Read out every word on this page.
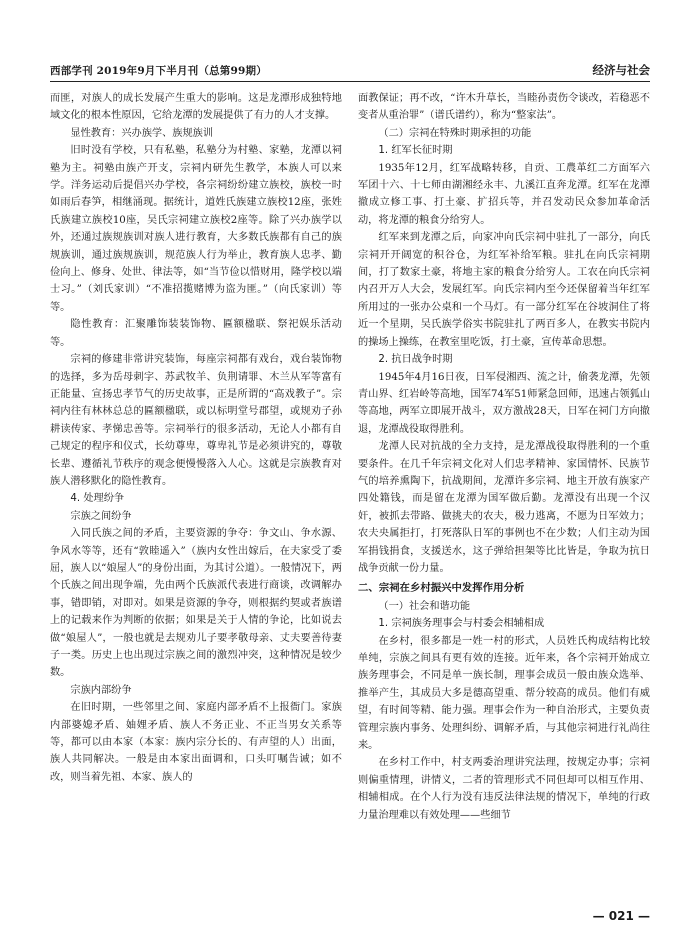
西部学刊 2019年9月下半月刊（总第99期）	经济与社会

而匪，对族人的成长发展产生重大的影响。这是龙潭形成独特地域文化的根本性原因，它给龙潭的发展提供了有力的人才支撑。

显性教育：兴办族学、族规族训

旧时没有学校，只有私塾，私塾分为村塾、家塾，龙潭以祠塾为主。祠塾由族产开支，宗祠内研先生教学，本族人可以来学。洋务运动后提倡兴办学校，各宗祠纷纷建立族校，族校一时如雨后春笋，相继涌现。据统计，道姓氏族建立族校12座，张姓氏族建立族校10座，吴氏宗祠建立族校2座等。除了兴办族学以外，还通过族规族训对族人进行教育，大多数氏族都有自己的族规族训，通过族规族训，规范族人行为举止，教育族人忠孝、勤俭向上、修身、处世、律法等，如“当节俭以惜财用，隆学校以端士习。”（刘氏家训）“不准招揽赌博为盗为匪。”（向氏家训）等等。

隐性教育：汇聚雕饰装装饰物、匾额楹联、祭祀娱乐活动等。

宗祠的修建非常讲究装饰，每座宗祠都有戏台，戏台装饰物的选择，多为岳母刺字、苏武牧羊、负荆请罪、木兰从军等富有正能量、宣扬忠孝节气的历史故事，正是所谓的“高戏教子”。宗祠内往有林林总总的匾额楹联，或以标明堂号郡望，或规劝子孙耕读传家、孝悌忠善等。宗祠举行的很多活动，无论人小都有自己规定的程序和仪式，长幼尊卑，尊卑礼节是必须讲究的，尊敬长辈、遵循礼节秩序的观念便慢慢落入人心。这就是宗族教育对族人潜移默化的隐性教育。

4. 处理纷争

宗族之间纷争

入同氏族之间的矛盾，主要资源的争夺：争文山、争水源、争风水等等，还有“敦睦遥入”（族内女性出嫁后，在夫家受了委屈，族人以“娘屋人”的身份出面，为其讨公道）。一般情况下，两个氏族之间出现争端，先由两个氏族派代表进行商谈，改调解办事，错即销，对即对。如果是资源的争夺，则根据约契或者族谱上的记载来作为判断的依据；如果是关于人情的争论，比如说去做“娘屋人”，一般也就是去规劝儿子要孝敬母亲、丈夫要善待妻子一类。历史上也出现过宗族之间的激烈冲突，这种情况是较少数。

宗族内部纷争

在旧时期，一些邻里之间、家庭内部矛盾不上报衙门。家族内部婆媳矛盾、妯娌矛盾、族人不务正业、不正当男女关系等等，都可以由本家（本家：族内宗分长的、有声望的人）出面，族人共同解决。一般是由本家出面调和，口头叮嘱告诫；如不改，则当着先祖、本家、族人的

面教保证；再不改，“许木升草长，当睦孙责伤令谈改，若稳恶不变者从重治罪”（谱氏谱约），称为“整家法”。

（二）宗祠在特殊时期承担的功能

1. 红军长征时期

1935年12月，红军战略转移，自贡、工農革红二方面军六军团十六、十七师由湖湘经永丰、九溪江直奔龙潭。红军在龙潭撤成立修工事、打土豪、扩招兵等，并召发动民众参加革命活动，将龙潭的粮食分给穷人。

红军来到龙潭之后，向家冲向氏宗祠中驻扎了一部分，向氏宗祠开开阔宽的积谷仓，为红军补给军粮。驻扎在向氏宗祠期间，打了数家土豪，将地主家的粮食分给穷人。工农在向氏宗祠内召开万人大会，发展红军。向氏宗祠内至今还保留着当年红军所用过的一张办公桌和一个马灯。有一部分红军在谷坡洞住了将近一个星期，吴氏族学俗实书院驻扎了两百多人，在教实书院内的操场上操练，在教室里吃饭，打土豪，宣传革命思想。

2. 抗日战争时期

1945年4月16日夜，日军侵湘西、流之计，偷袭龙潭，先领青山界、红岩岭等高地，国军74军51师紧急回师，迅速占领狐山等高地，两军立即展开战斗，双方激战28天，日军在祠门方向撤退，龙潭战役取得胜利。

龙潭人民对抗战的全力支持，是龙潭战役取得胜利的一个重要条件。在几千年宗祠文化对人们忠孝精神、家国情怀、民族节气的培养熏陶下，抗战期间，龙潭许多宗祠、地主开放有族家产四处籍钱，而是留在龙潭为国军做后勤。龙潭没有出现一个汉奸，被抓去带路、做挑夫的农夫，极力逃离，不愿为日军效力；农夫央属拒打，打死落队日军的事例也不在少数；人们主动为国军捐钱捐食，支援送水，这子弹给担架等比比皆是，争取为抗日战争贡献一份力量。

二、宗祠在乡村振兴中发挥作用分析

（一）社会和谐功能

1. 宗祠族务理事会与村委会相辅相成

在乡村，很多都是一姓一村的形式，人员姓氏构成结构比较单纯，宗族之间具有更有效的连接。近年来，各个宗祠开始成立族务理事会，不同是单一族长制，理事会成员一般由族众选举、推举产生，其成员大多是德高望重、帮分较高的成员。他们有威望，有时间等精、能力强。理事会作为一种自治形式，主要负责管理宗族内事务、处理纠纷、调解矛盾，与其他宗祠进行礼尚往来。

在乡村工作中，村支两委治理讲究法理，按规定办事；宗祠则偏重情理，讲情义，二者的管理形式不同但却可以相互作用、相辅相成。在个人行为没有违反法律法规的情况下，单纯的行政力量治理难以有效处理——些细节

— 021 —
